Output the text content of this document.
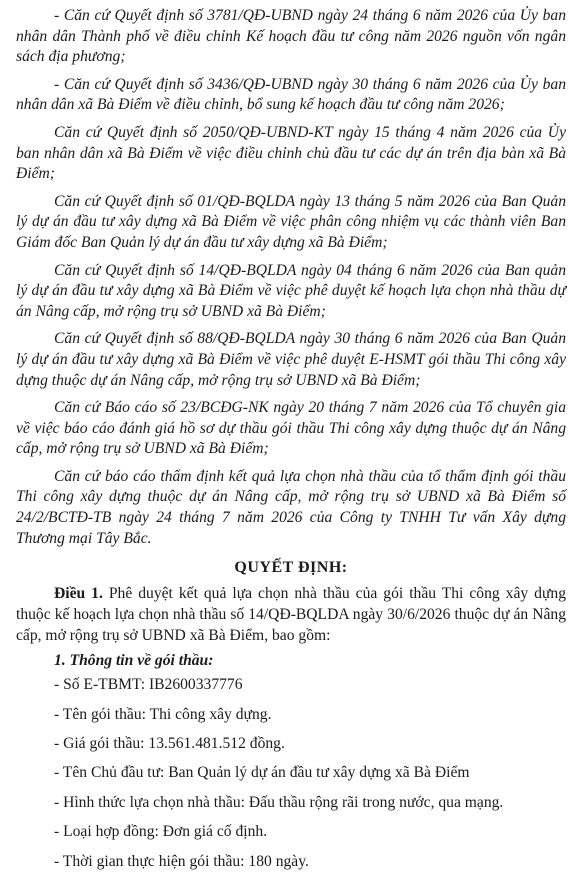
- Căn cứ Quyết định số 3781/QĐ-UBND ngày 24 tháng 6 năm 2026 của Ủy ban nhân dân Thành phố về điều chỉnh Kế hoạch đầu tư công năm 2026 nguồn vốn ngân sách địa phương;

- Căn cứ Quyết định số 3436/QĐ-UBND ngày 30 tháng 6 năm 2026 của Ủy ban nhân dân xã Bà Điểm về điều chỉnh, bổ sung kế hoạch đầu tư công năm 2026;

Căn cứ Quyết định số 2050/QĐ-UBND-KT ngày 15 tháng 4 năm 2026 của Ủy ban nhân dân xã Bà Điểm về việc điều chỉnh chủ đầu tư các dự án trên địa bàn xã Bà Điểm;

Căn cứ Quyết định số 01/QĐ-BQLDA ngày 13 tháng 5 năm 2026 của Ban Quản lý dự án đầu tư xây dựng xã Bà Điểm về việc phân công nhiệm vụ các thành viên Ban Giám đốc Ban Quản lý dự án đầu tư xây dựng xã Bà Điểm;

Căn cứ Quyết định số 14/QĐ-BQLDA ngày 04 tháng 6 năm 2026 của Ban quản lý dự án đầu tư xây dựng xã Bà Điểm về việc phê duyệt kế hoạch lựa chọn nhà thầu dự án Nâng cấp, mở rộng trụ sở UBND xã Bà Điểm;

Căn cứ Quyết định số 88/QĐ-BQLDA ngày 30 tháng 6 năm 2026 của Ban Quản lý dự án đầu tư xây dựng xã Bà Điểm về việc phê duyệt E-HSMT gói thầu Thi công xây dựng thuộc dự án Nâng cấp, mở rộng trụ sở UBND xã Bà Điểm;

Căn cứ Báo cáo số 23/BCĐG-NK ngày 20 tháng 7 năm 2026 của Tổ chuyên gia về việc báo cáo đánh giá hồ sơ dự thầu gói thầu Thi công xây dựng thuộc dự án Nâng cấp, mở rộng trụ sở UBND xã Bà Điểm;

Căn cứ báo cáo thẩm định kết quả lựa chọn nhà thầu của tổ thẩm định gói thầu Thi công xây dựng thuộc dự án Nâng cấp, mở rộng trụ sở UBND xã Bà Điểm số 24/2/BCTĐ-TB ngày 24 tháng 7 năm 2026 của Công ty TNHH Tư vấn Xây dựng Thương mại Tây Bắc.

QUYẾT ĐỊNH:

Điều 1. Phê duyệt kết quả lựa chọn nhà thầu của gói thầu Thi công xây dựng thuộc kế hoạch lựa chọn nhà thầu số 14/QĐ-BQLDA ngày 30/6/2026 thuộc dự án Nâng cấp, mở rộng trụ sở UBND xã Bà Điểm, bao gồm:

1. Thông tin về gói thầu:
- Số E-TBMT: IB2600337776
- Tên gói thầu: Thi công xây dựng.
- Giá gói thầu: 13.561.481.512 đồng.
- Tên Chủ đầu tư: Ban Quản lý dự án đầu tư xây dựng xã Bà Điểm
- Hình thức lựa chọn nhà thầu: Đấu thầu rộng rãi trong nước, qua mạng.
- Loại hợp đồng: Đơn giá cố định.
- Thời gian thực hiện gói thầu: 180 ngày.
